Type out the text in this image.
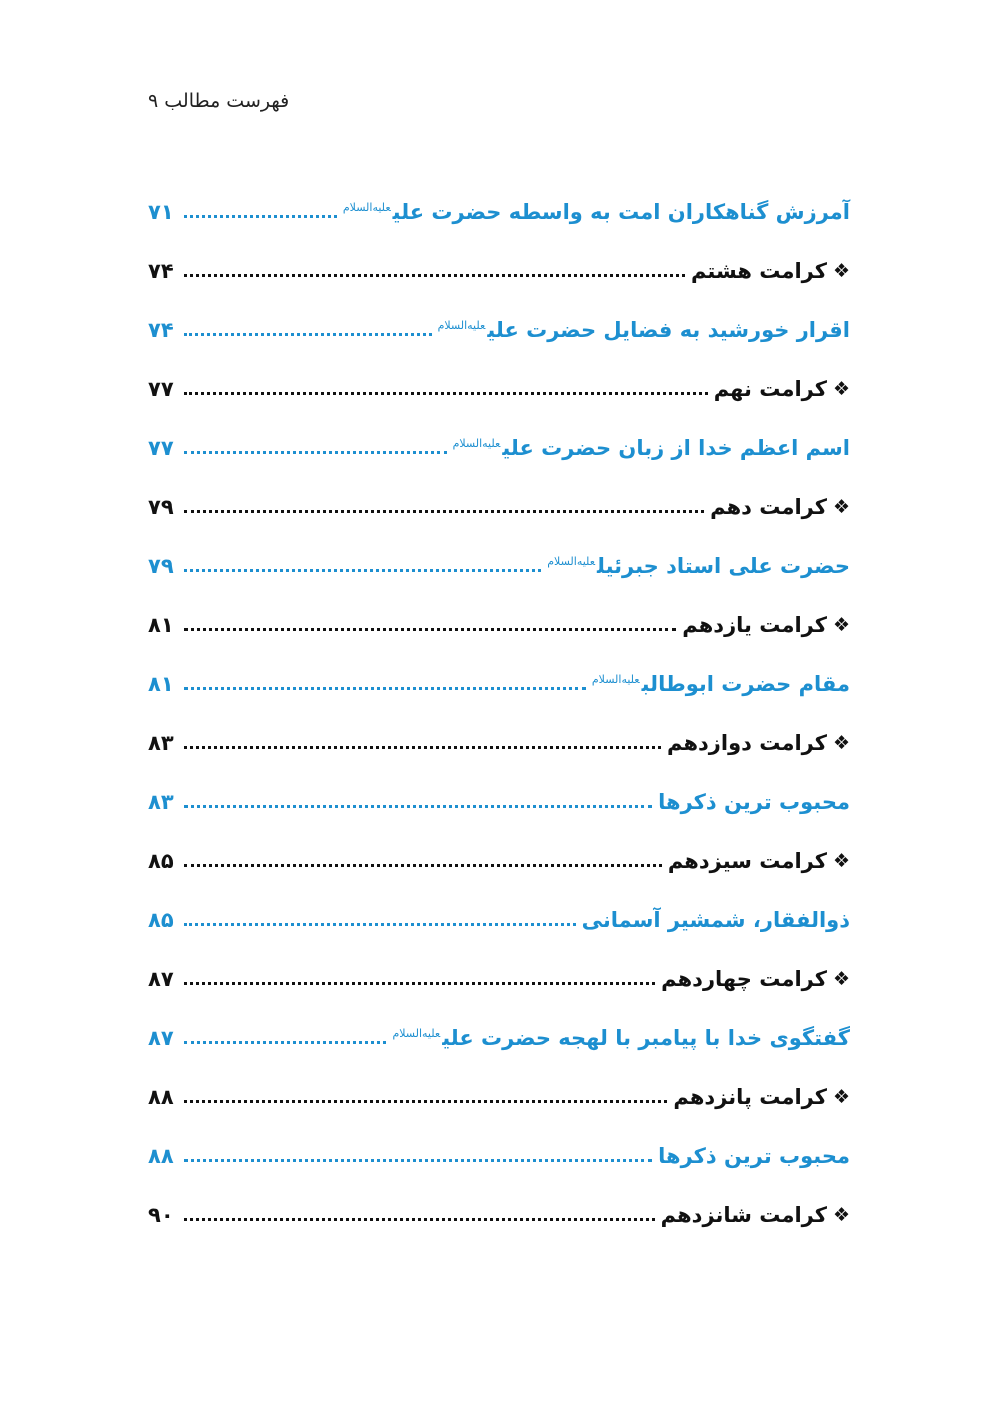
فهرست مطالب ۹
آمرزش گناهکاران امت به واسطه حضرت علی$^{علیه‌السلام}$
۷۱
❖
کرامت هشتم
۷۴
اقرار خورشید به فضایل حضرت علی$^{علیه‌السلام}$
۷۴
❖
کرامت نهم
۷۷
اسم اعظم خدا از زبان حضرت علی$^{علیه‌السلام}$
۷۷
❖
کرامت دهم
۷۹
حضرت علی استاد جبرئیل$^{علیه‌السلام}$
۷۹
❖
کرامت یازدهم
۸۱
مقام حضرت ابوطالب$^{علیه‌السلام}$
۸۱
❖
کرامت دوازدهم
۸۳
محبوب ترین ذکرها
۸۳
❖
کرامت سیزدهم
۸۵
ذوالفقار، شمشیر آسمانی
۸۵
❖
کرامت چهاردهم
۸۷
گفتگوی خدا با پیامبر با لهجه حضرت علی$^{علیه‌السلام}$
۸۷
❖
کرامت پانزدهم
۸۸
محبوب ترین ذکرها
۸۸
❖
کرامت شانزدهم
۹۰
